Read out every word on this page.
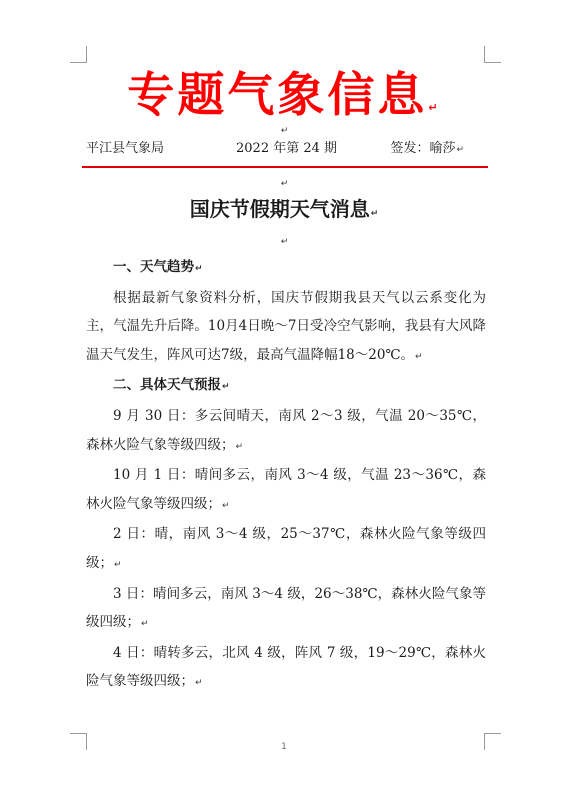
专题气象信息↵
↵
平江县气象局	2022 年第 24 期	签发：喻莎↵
↵
国庆节假期天气消息↵
↵
一、天气趋势↵

根据最新气象资料分析，国庆节假期我县天气以云系变化为主，气温先升后降。10月4日晚～7日受冷空气影响，我县有大风降温天气发生，阵风可达7级，最高气温降幅18～20℃。↵

二、具体天气预报↵

9 月 30 日：多云间晴天，南风 2～3 级，气温 20～35℃，森林火险气象等级四级；↵

10 月 1 日：晴间多云，南风 3～4 级，气温 23～36℃，森林火险气象等级四级；↵

2 日：晴，南风 3～4 级，25～37℃，森林火险气象等级四级；↵

3 日：晴间多云，南风 3～4 级，26～38℃，森林火险气象等级四级；↵

4 日：晴转多云，北风 4 级，阵风 7 级，19～29℃，森林火险气象等级四级；↵

1
